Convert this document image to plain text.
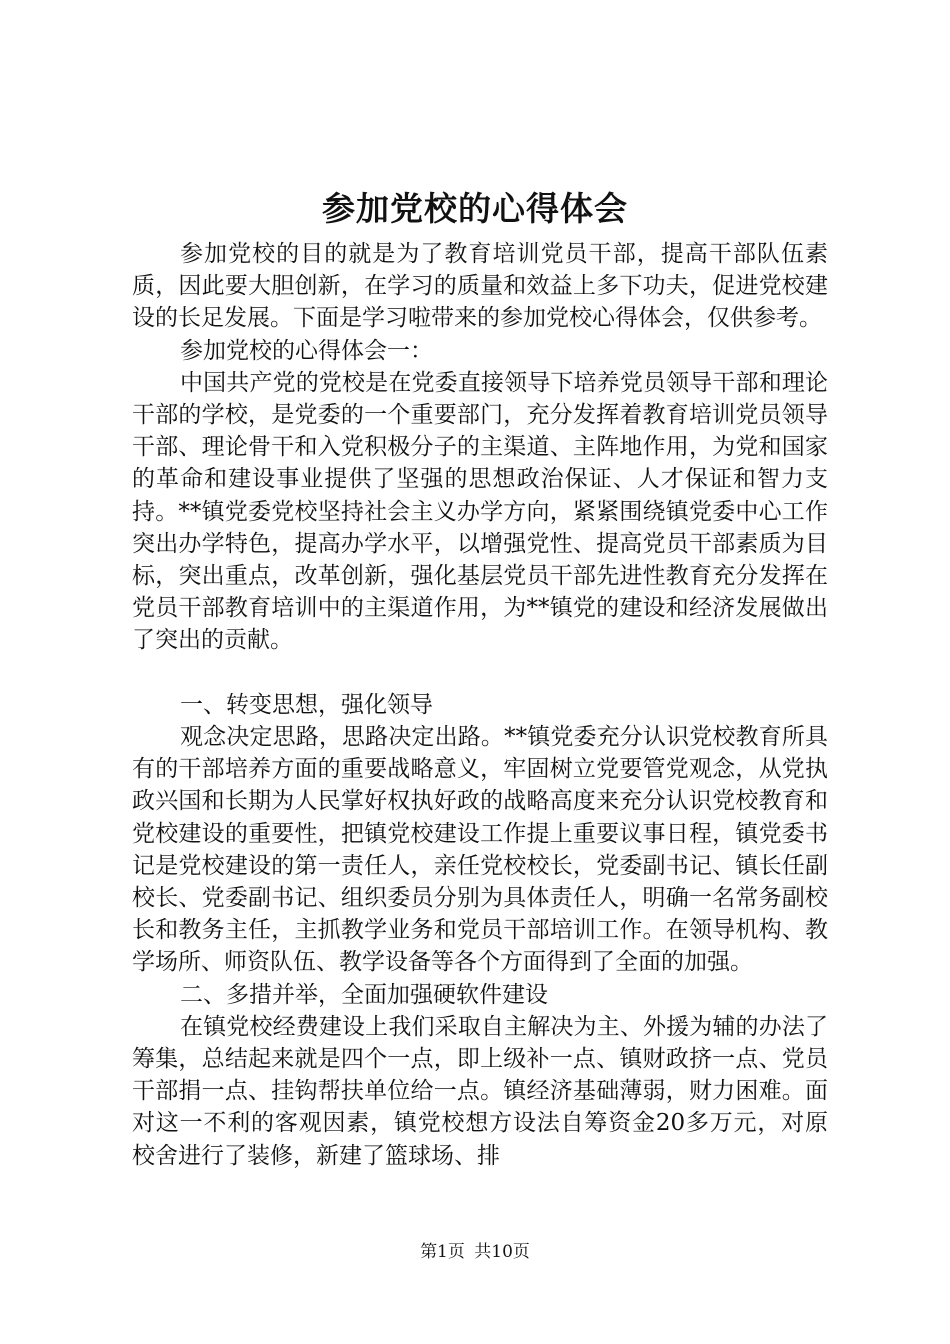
参加党校的心得体会

参加党校的目的就是为了教育培训党员干部，提高干部队伍素质，因此要大胆创新，在学习的质量和效益上多下功夫，促进党校建设的长足发展。下面是学习啦带来的参加党校心得体会，仅供参考。

参加党校的心得体会一：

中国共产党的党校是在党委直接领导下培养党员领导干部和理论干部的学校，是党委的一个重要部门，充分发挥着教育培训党员领导干部、理论骨干和入党积极分子的主渠道、主阵地作用，为党和国家的革命和建设事业提供了坚强的思想政治保证、人才保证和智力支持。**镇党委党校坚持社会主义办学方向，紧紧围绕镇党委中心工作突出办学特色，提高办学水平，以增强党性、提高党员干部素质为目标，突出重点，改革创新，强化基层党员干部先进性教育充分发挥在党员干部教育培训中的主渠道作用，为**镇党的建设和经济发展做出了突出的贡献。

一、转变思想，强化领导

观念决定思路，思路决定出路。**镇党委充分认识党校教育所具有的干部培养方面的重要战略意义，牢固树立党要管党观念，从党执政兴国和长期为人民掌好权执好政的战略高度来充分认识党校教育和党校建设的重要性，把镇党校建设工作提上重要议事日程，镇党委书记是党校建设的第一责任人，亲任党校校长，党委副书记、镇长任副校长、党委副书记、组织委员分别为具体责任人，明确一名常务副校长和教务主任，主抓教学业务和党员干部培训工作。在领导机构、教学场所、师资队伍、教学设备等各个方面得到了全面的加强。

二、多措并举，全面加强硬软件建设

在镇党校经费建设上我们采取自主解决为主、外援为辅的办法了筹集，总结起来就是四个一点，即上级补一点、镇财政挤一点、党员干部捐一点、挂钩帮扶单位给一点。镇经济基础薄弱，财力困难。面对这一不利的客观因素，镇党校想方设法自筹资金20多万元，对原校舍进行了装修，新建了篮球场、排

第1页 共10页
